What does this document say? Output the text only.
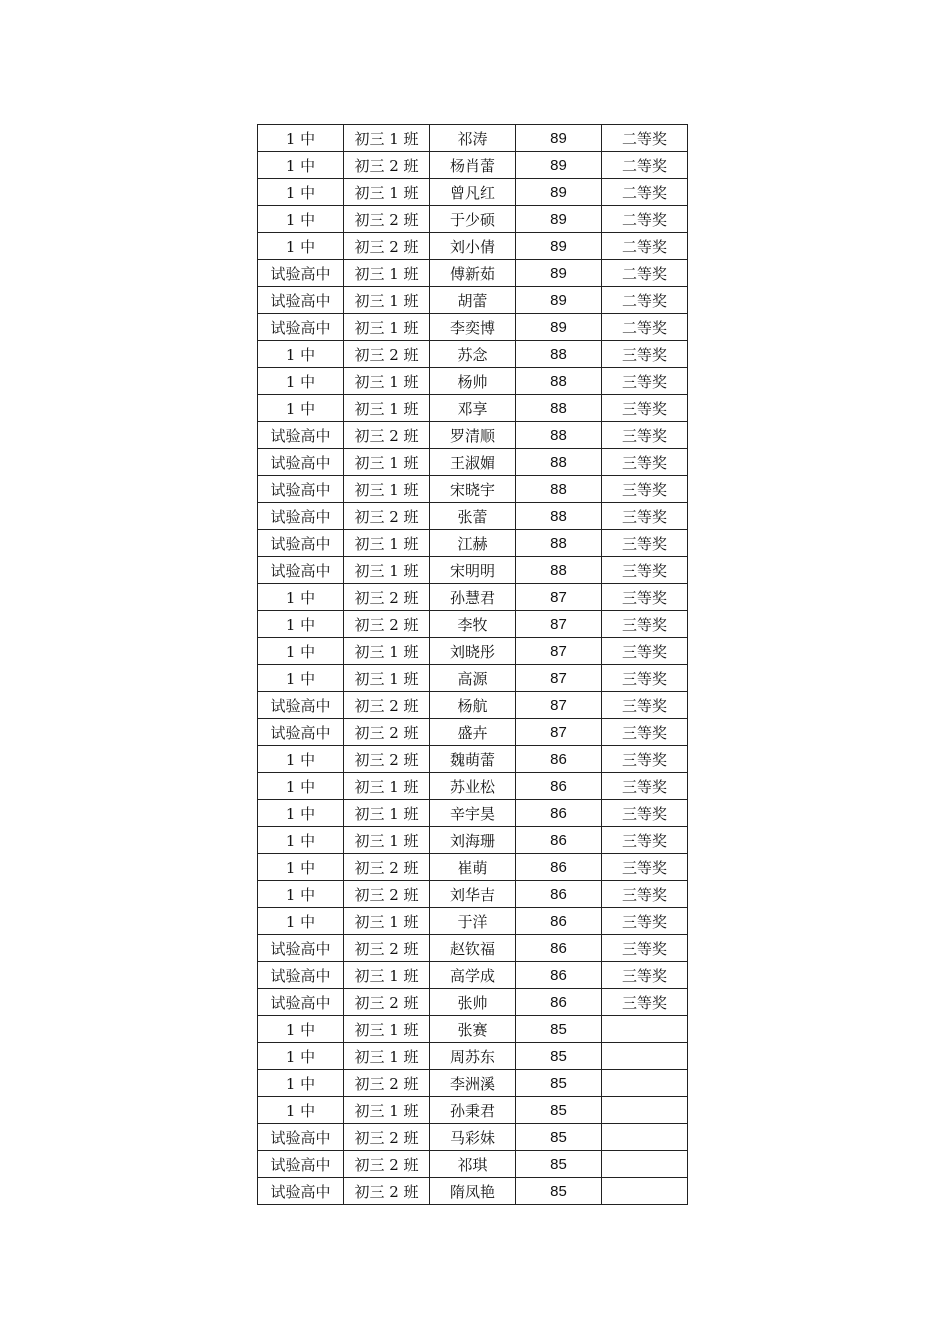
1 中	初三 1 班	祁涛	89	二等奖
1 中	初三 2 班	杨肖蕾	89	二等奖
1 中	初三 1 班	曾凡红	89	二等奖
1 中	初三 2 班	于少硕	89	二等奖
1 中	初三 2 班	刘小倩	89	二等奖
试验高中	初三 1 班	傅新茹	89	二等奖
试验高中	初三 1 班	胡蕾	89	二等奖
试验高中	初三 1 班	李奕博	89	二等奖
1 中	初三 2 班	苏念	88	三等奖
1 中	初三 1 班	杨帅	88	三等奖
1 中	初三 1 班	邓享	88	三等奖
试验高中	初三 2 班	罗清顺	88	三等奖
试验高中	初三 1 班	王淑媚	88	三等奖
试验高中	初三 1 班	宋晓宇	88	三等奖
试验高中	初三 2 班	张蕾	88	三等奖
试验高中	初三 1 班	江赫	88	三等奖
试验高中	初三 1 班	宋明明	88	三等奖
1 中	初三 2 班	孙慧君	87	三等奖
1 中	初三 2 班	李牧	87	三等奖
1 中	初三 1 班	刘晓彤	87	三等奖
1 中	初三 1 班	高源	87	三等奖
试验高中	初三 2 班	杨航	87	三等奖
试验高中	初三 2 班	盛卉	87	三等奖
1 中	初三 2 班	魏萌蕾	86	三等奖
1 中	初三 1 班	苏业松	86	三等奖
1 中	初三 1 班	辛宇昊	86	三等奖
1 中	初三 1 班	刘海珊	86	三等奖
1 中	初三 2 班	崔萌	86	三等奖
1 中	初三 2 班	刘华吉	86	三等奖
1 中	初三 1 班	于洋	86	三等奖
试验高中	初三 2 班	赵钦福	86	三等奖
试验高中	初三 1 班	高学成	86	三等奖
试验高中	初三 2 班	张帅	86	三等奖
1 中	初三 1 班	张赛	85	
1 中	初三 1 班	周苏东	85	
1 中	初三 2 班	李洲溪	85	
1 中	初三 1 班	孙秉君	85	
试验高中	初三 2 班	马彩妹	85	
试验高中	初三 2 班	祁琪	85	
试验高中	初三 2 班	隋凤艳	85	
